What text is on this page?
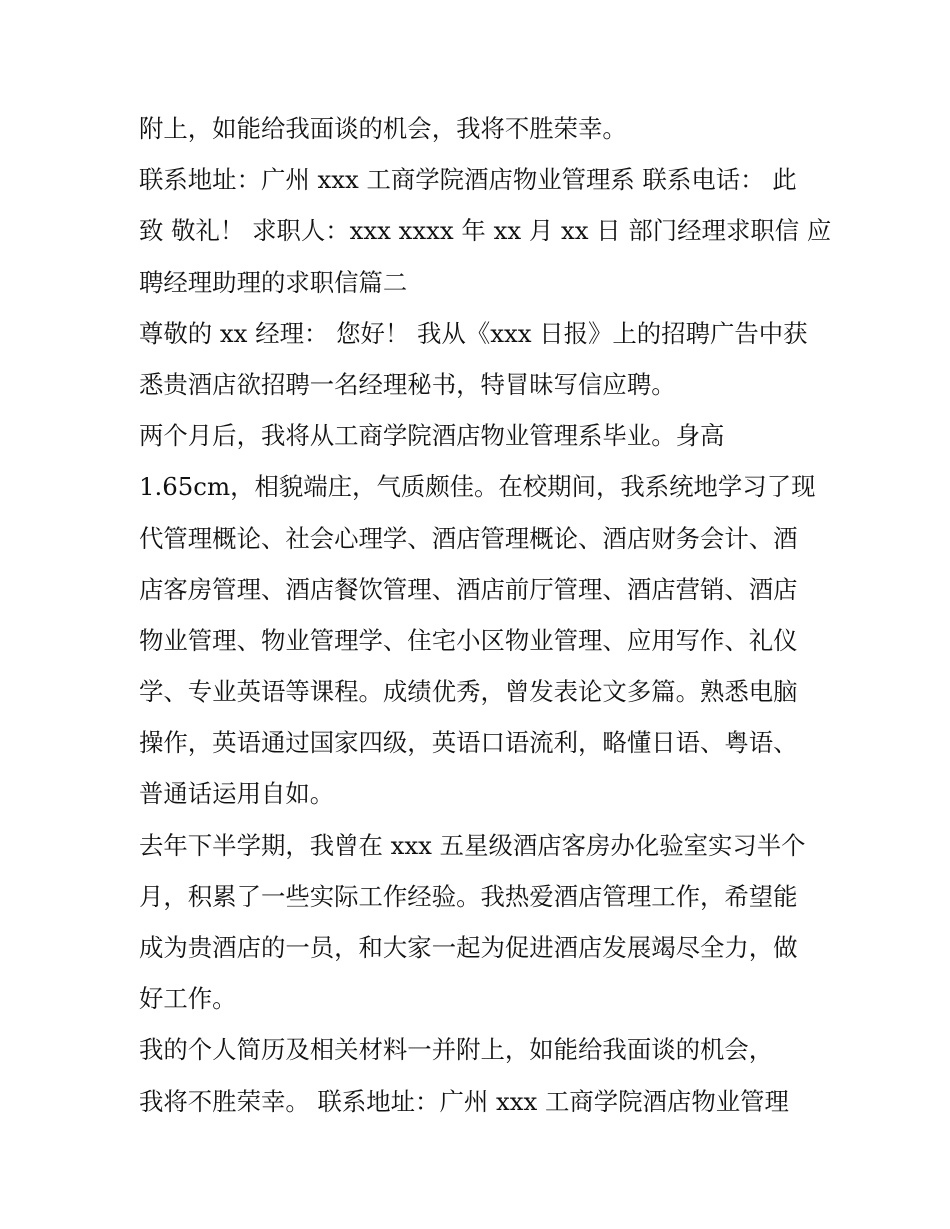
附上，如能给我面谈的机会，我将不胜荣幸。

联系地址：广州 xxx 工商学院酒店物业管理系 联系电话： 此

致 敬礼！ 求职人：xxx xxxx 年 xx 月 xx 日 部门经理求职信 应

聘经理助理的求职信篇二

尊敬的 xx 经理： 您好！ 我从《xxx 日报》上的招聘广告中获

悉贵酒店欲招聘一名经理秘书，特冒昧写信应聘。

两个月后，我将从工商学院酒店物业管理系毕业。身高

1.65cm，相貌端庄，气质颇佳。在校期间，我系统地学习了现

代管理概论、社会心理学、酒店管理概论、酒店财务会计、酒

店客房管理、酒店餐饮管理、酒店前厅管理、酒店营销、酒店

物业管理、物业管理学、住宅小区物业管理、应用写作、礼仪

学、专业英语等课程。成绩优秀，曾发表论文多篇。熟悉电脑

操作，英语通过国家四级，英语口语流利，略懂日语、粤语、

普通话运用自如。

去年下半学期，我曾在 xxx 五星级酒店客房办化验室实习半个

月，积累了一些实际工作经验。我热爱酒店管理工作，希望能

成为贵酒店的一员，和大家一起为促进酒店发展竭尽全力，做

好工作。

我的个人简历及相关材料一并附上，如能给我面谈的机会，

我将不胜荣幸。 联系地址：广州 xxx 工商学院酒店物业管理
